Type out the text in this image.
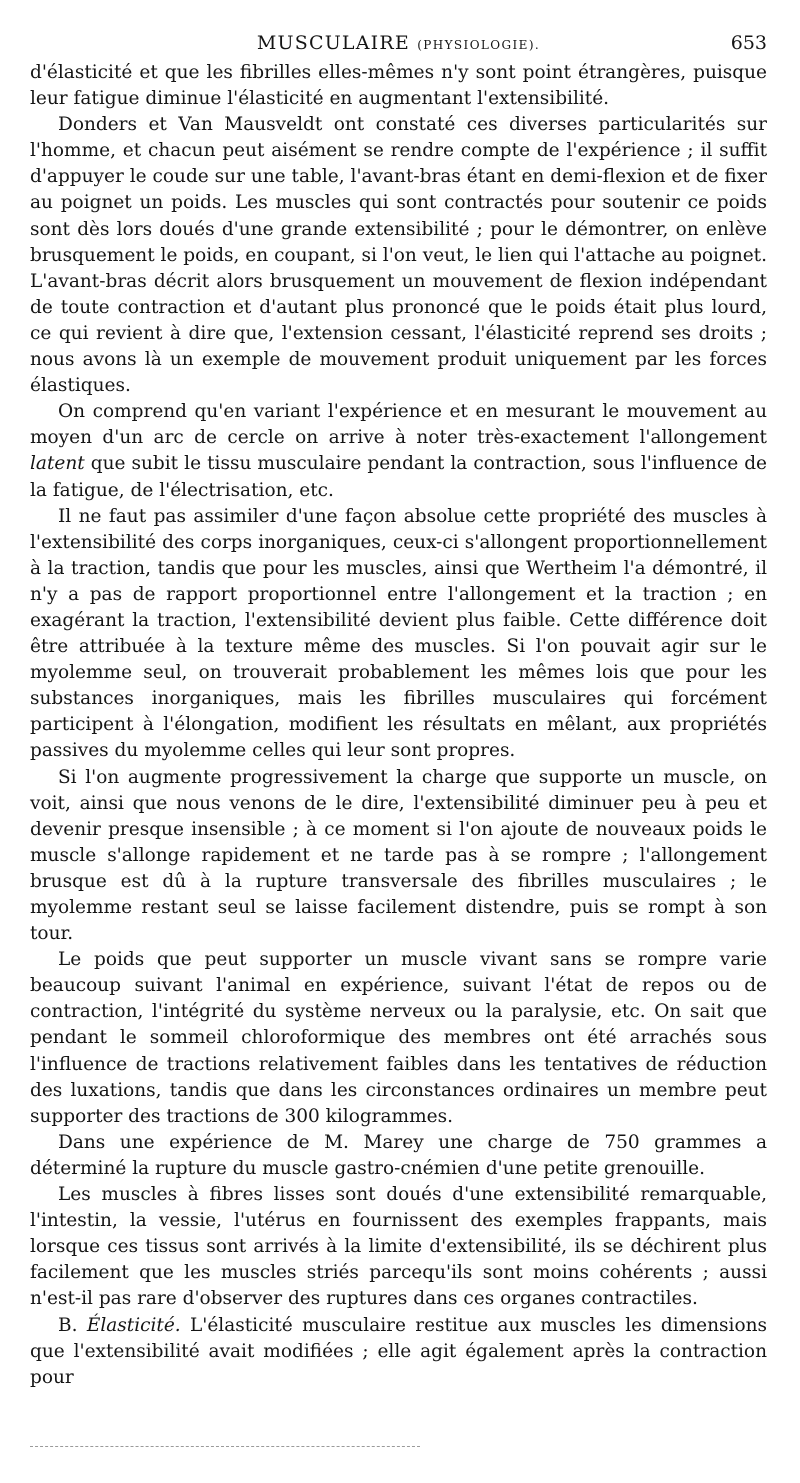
MUSCULAIRE (PHYSIOLOGIE).	653

d'élasticité et que les fibrilles elles-mêmes n'y sont point étrangères, puisque leur fatigue diminue l'élasticité en augmentant l'extensibilité.

Donders et Van Mausveldt ont constaté ces diverses particularités sur l'homme, et chacun peut aisément se rendre compte de l'expérience ; il suffit d'appuyer le coude sur une table, l'avant-bras étant en demi-flexion et de fixer au poignet un poids. Les muscles qui sont contractés pour soutenir ce poids sont dès lors doués d'une grande extensibilité ; pour le démontrer, on enlève brusquement le poids, en coupant, si l'on veut, le lien qui l'attache au poignet. L'avant-bras décrit alors brusquement un mouvement de flexion indépendant de toute contraction et d'autant plus prononcé que le poids était plus lourd, ce qui revient à dire que, l'extension cessant, l'élasticité reprend ses droits ; nous avons là un exemple de mouvement produit uniquement par les forces élastiques.

On comprend qu'en variant l'expérience et en mesurant le mouvement au moyen d'un arc de cercle on arrive à noter très-exactement l'allongement latent que subit le tissu musculaire pendant la contraction, sous l'influence de la fatigue, de l'électrisation, etc.

Il ne faut pas assimiler d'une façon absolue cette propriété des muscles à l'extensibilité des corps inorganiques, ceux-ci s'allongent proportionnellement à la traction, tandis que pour les muscles, ainsi que Wertheim l'a démontré, il n'y a pas de rapport proportionnel entre l'allongement et la traction ; en exagérant la traction, l'extensibilité devient plus faible. Cette différence doit être attribuée à la texture même des muscles. Si l'on pouvait agir sur le myolemme seul, on trouverait probablement les mêmes lois que pour les substances inorganiques, mais les fibrilles musculaires qui forcément participent à l'élongation, modifient les résultats en mêlant, aux propriétés passives du myolemme celles qui leur sont propres.

Si l'on augmente progressivement la charge que supporte un muscle, on voit, ainsi que nous venons de le dire, l'extensibilité diminuer peu à peu et devenir presque insensible ; à ce moment si l'on ajoute de nouveaux poids le muscle s'allonge rapidement et ne tarde pas à se rompre ; l'allongement brusque est dû à la rupture transversale des fibrilles musculaires ; le myolemme restant seul se laisse facilement distendre, puis se rompt à son tour.

Le poids que peut supporter un muscle vivant sans se rompre varie beaucoup suivant l'animal en expérience, suivant l'état de repos ou de contraction, l'intégrité du système nerveux ou la paralysie, etc. On sait que pendant le sommeil chloroformique des membres ont été arrachés sous l'influence de tractions relativement faibles dans les tentatives de réduction des luxations, tandis que dans les circonstances ordinaires un membre peut supporter des tractions de 300 kilogrammes.

Dans une expérience de M. Marey une charge de 750 grammes a déterminé la rupture du muscle gastro-cnémien d'une petite grenouille.

Les muscles à fibres lisses sont doués d'une extensibilité remarquable, l'intestin, la vessie, l'utérus en fournissent des exemples frappants, mais lorsque ces tissus sont arrivés à la limite d'extensibilité, ils se déchirent plus facilement que les muscles striés parcequ'ils sont moins cohérents ; aussi n'est-il pas rare d'observer des ruptures dans ces organes contractiles.

B. Élasticité. L'élasticité musculaire restitue aux muscles les dimensions que l'extensibilité avait modifiées ; elle agit également après la contraction pour
